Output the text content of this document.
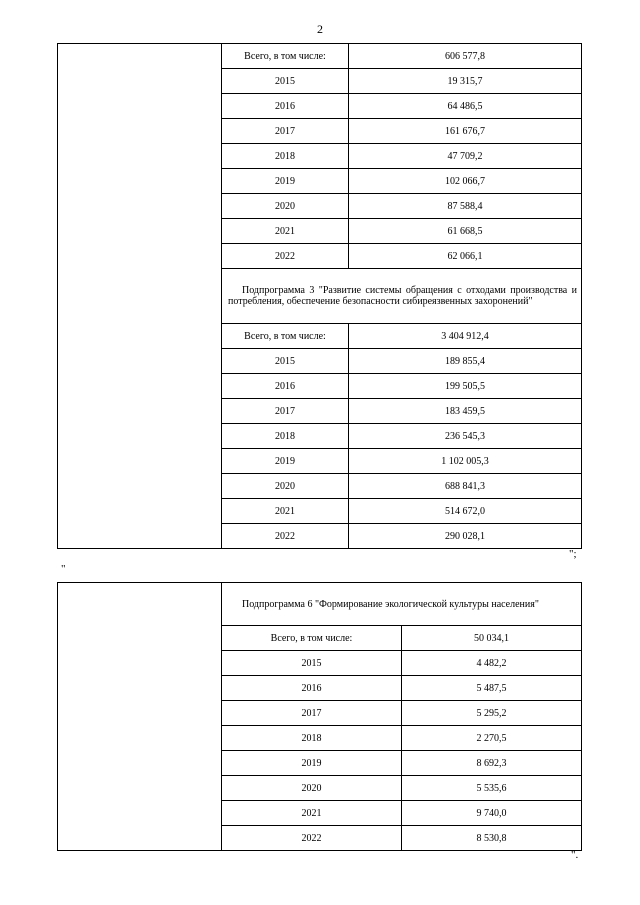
2
	Всего, в том числе:	606 577,8
	2015	19 315,7
	2016	64 486,5
	2017	161 676,7
	2018	47 709,2
	2019	102 066,7
	2020	87 588,4
	2021	61 668,5
	2022	62 066,1
	Подпрограмма 3 "Развитие системы обращения с отходами производства и потребления, обеспечение безопасности сибиреязвенных захоронений"	
	Всего, в том числе:	3 404 912,4
	2015	189 855,4
	2016	199 505,5
	2017	183 459,5
	2018	236 545,3
	2019	1 102 005,3
	2020	688 841,3
	2021	514 672,0
	2022	290 028,1
";
"
	Подпрограмма 6 "Формирование экологической культуры населения"	
	Всего, в том числе:	50 034,1
	2015	4 482,2
	2016	5 487,5
	2017	5 295,2
	2018	2 270,5
	2019	8 692,3
	2020	5 535,6
	2021	9 740,0
	2022	8 530,8
".
